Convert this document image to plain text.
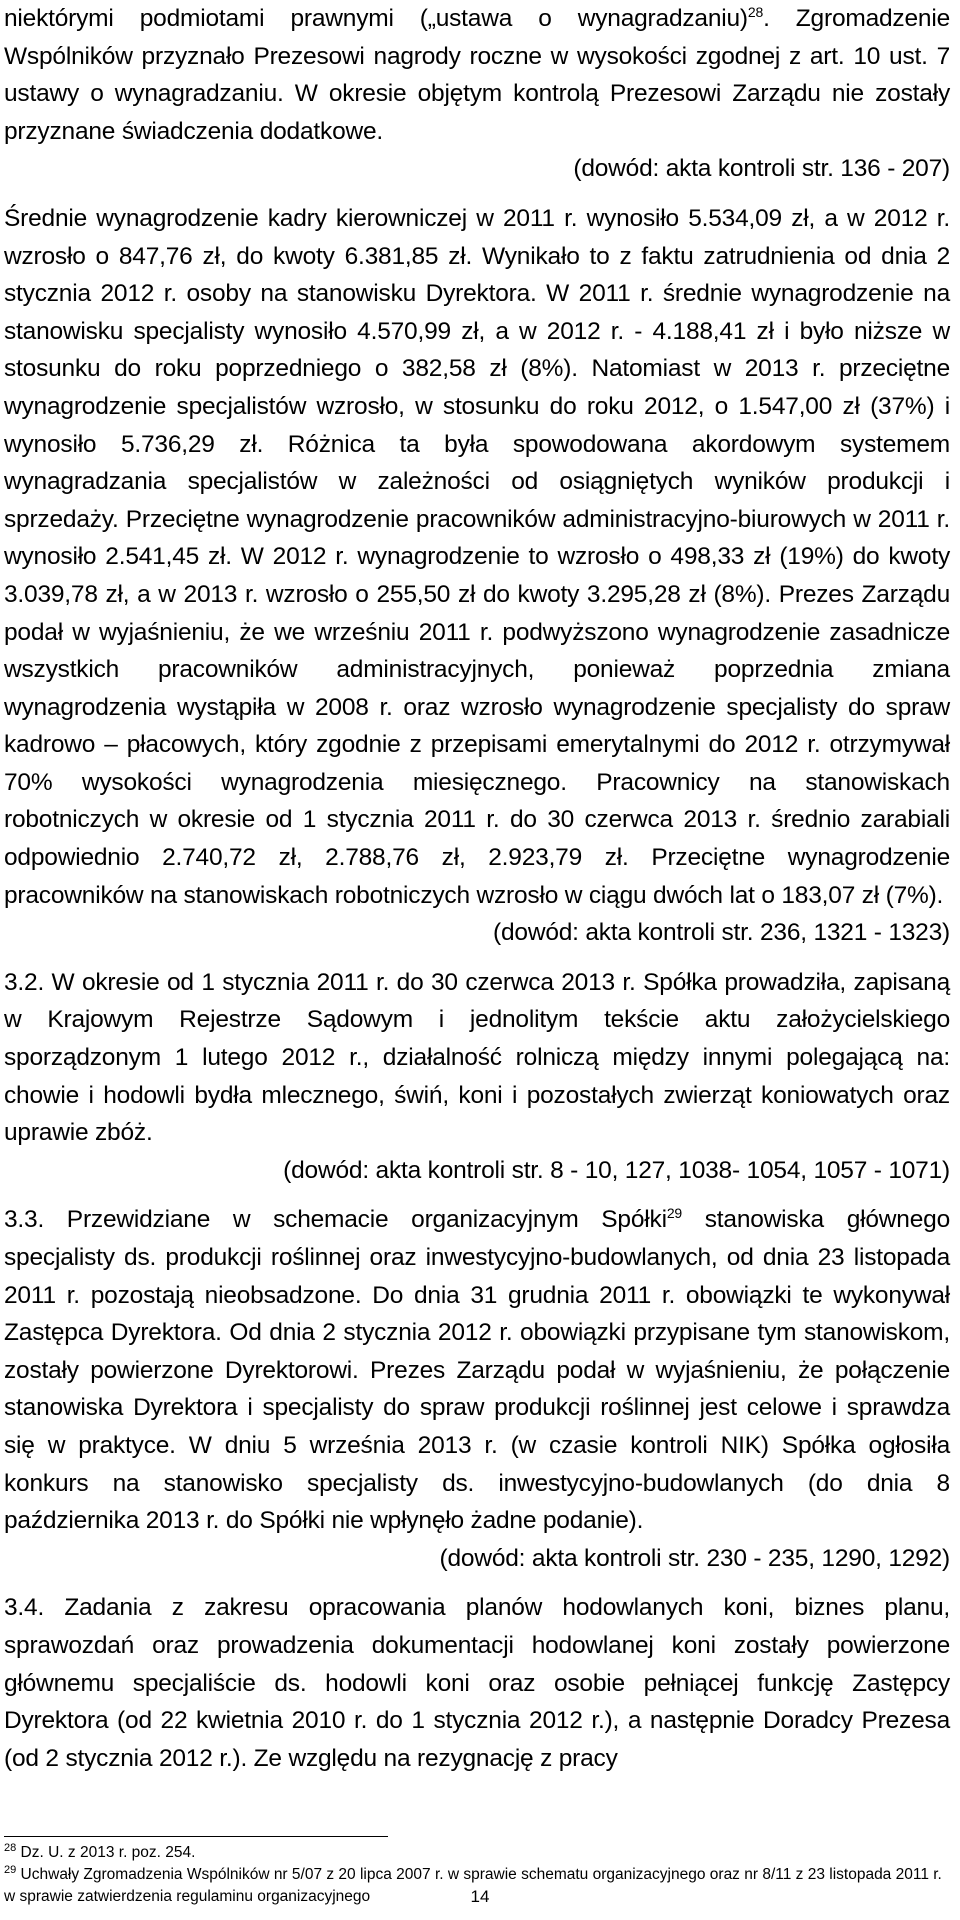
niektórymi podmiotami prawnymi („ustawa o wynagradzaniu)$^{28}$. Zgromadzenie Wspólników przyznało Prezesowi nagrody roczne w wysokości zgodnej z art. 10 ust. 7 ustawy o wynagradzaniu. W okresie objętym kontrolą Prezesowi Zarządu nie zostały przyznane świadczenia dodatkowe.

(dowód: akta kontroli str. 136 - 207)

Średnie wynagrodzenie kadry kierowniczej w 2011 r. wynosiło 5.534,09 zł, a w 2012 r. wzrosło o 847,76 zł, do kwoty 6.381,85 zł. Wynikało to z faktu zatrudnienia od dnia 2 stycznia 2012 r. osoby na stanowisku Dyrektora. W 2011 r. średnie wynagrodzenie na stanowisku specjalisty wynosiło 4.570,99 zł, a w 2012 r. - 4.188,41 zł i było niższe w stosunku do roku poprzedniego o 382,58 zł (8%). Natomiast w 2013 r. przeciętne wynagrodzenie specjalistów wzrosło, w stosunku do roku 2012, o 1.547,00 zł (37%) i wynosiło 5.736,29 zł. Różnica ta była spowodowana akordowym systemem wynagradzania specjalistów w zależności od osiągniętych wyników produkcji i sprzedaży. Przeciętne wynagrodzenie pracowników administracyjno-biurowych w 2011 r. wynosiło 2.541,45 zł. W 2012 r. wynagrodzenie to wzrosło o 498,33 zł (19%) do kwoty 3.039,78 zł, a w 2013 r. wzrosło o 255,50 zł do kwoty 3.295,28 zł (8%). Prezes Zarządu podał w wyjaśnieniu, że we wrześniu 2011 r. podwyższono wynagrodzenie zasadnicze wszystkich pracowników administracyjnych, ponieważ poprzednia zmiana wynagrodzenia wystąpiła w 2008 r. oraz wzrosło wynagrodzenie specjalisty do spraw kadrowo – płacowych, który zgodnie z przepisami emerytalnymi do 2012 r. otrzymywał 70% wysokości wynagrodzenia miesięcznego. Pracownicy na stanowiskach robotniczych w okresie od 1 stycznia 2011 r. do 30 czerwca 2013 r. średnio zarabiali odpowiednio 2.740,72 zł, 2.788,76 zł, 2.923,79 zł. Przeciętne wynagrodzenie pracowników na stanowiskach robotniczych wzrosło w ciągu dwóch lat o 183,07 zł (7%).

(dowód: akta kontroli str. 236, 1321 - 1323)

3.2. W okresie od 1 stycznia 2011 r. do 30 czerwca 2013 r. Spółka prowadziła, zapisaną w Krajowym Rejestrze Sądowym i jednolitym tekście aktu założycielskiego sporządzonym 1 lutego 2012 r., działalność rolniczą między innymi polegającą na: chowie i hodowli bydła mlecznego, świń, koni i pozostałych zwierząt koniowatych oraz uprawie zbóż.

(dowód: akta kontroli str. 8 - 10, 127, 1038- 1054, 1057 - 1071)

3.3. Przewidziane w schemacie organizacyjnym Spółki$^{29}$ stanowiska głównego specjalisty ds. produkcji roślinnej oraz inwestycyjno-budowlanych, od dnia 23 listopada 2011 r. pozostają nieobsadzone. Do dnia 31 grudnia 2011 r. obowiązki te wykonywał Zastępca Dyrektora. Od dnia 2 stycznia 2012 r. obowiązki przypisane tym stanowiskom, zostały powierzone Dyrektorowi. Prezes Zarządu podał w wyjaśnieniu, że połączenie stanowiska Dyrektora i specjalisty do spraw produkcji roślinnej jest celowe i sprawdza się w praktyce. W dniu 5 września 2013 r. (w czasie kontroli NIK) Spółka ogłosiła konkurs na stanowisko specjalisty ds. inwestycyjno-budowlanych (do dnia 8 października 2013 r. do Spółki nie wpłynęło żadne podanie).

(dowód: akta kontroli str. 230 - 235, 1290, 1292)

3.4. Zadania z zakresu opracowania planów hodowlanych koni, biznes planu, sprawozdań oraz prowadzenia dokumentacji hodowlanej koni zostały powierzone głównemu specjaliście ds. hodowli koni oraz osobie pełniącej funkcję Zastępcy Dyrektora (od 22 kwietnia 2010 r. do 1 stycznia 2012 r.), a następnie Doradcy Prezesa (od 2 stycznia 2012 r.). Ze względu na rezygnację z pracy

$^{28}$ Dz. U. z 2013 r. poz. 254.
$^{29}$ Uchwały Zgromadzenia Wspólników nr 5/07 z 20 lipca 2007 r. w sprawie schematu organizacyjnego oraz nr 8/11 z 23 listopada 2011 r. w sprawie zatwierdzenia regulaminu organizacyjnego	14
